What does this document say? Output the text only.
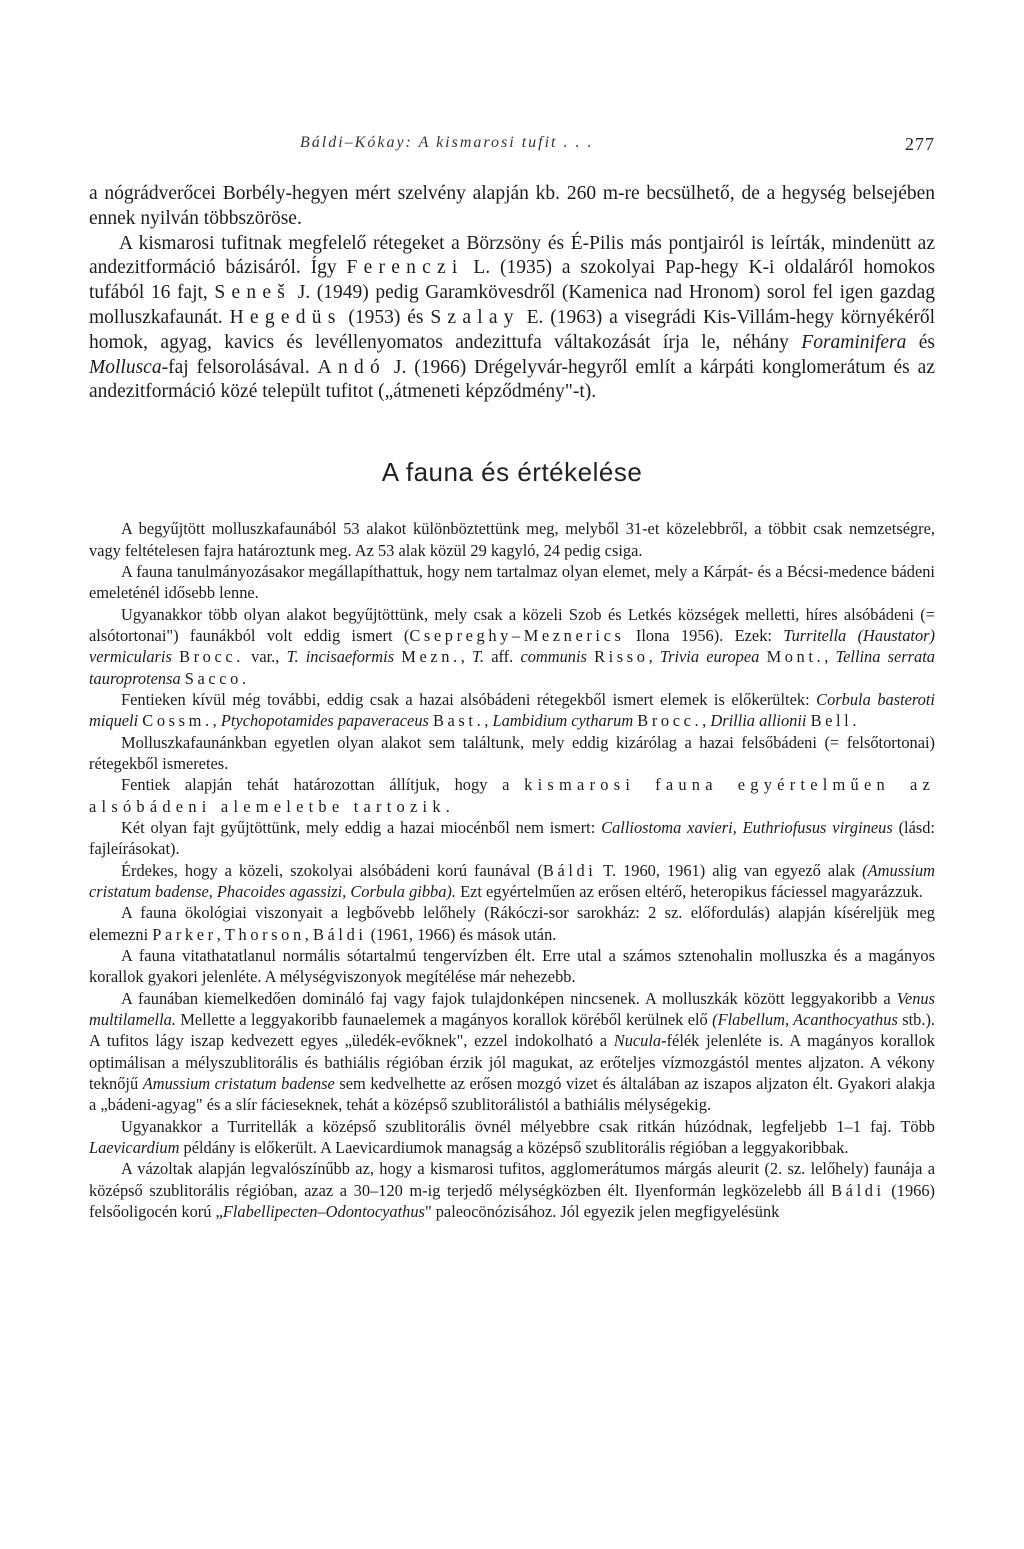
Báldi–Kókay: A kismarosi tufit . . .	277

a nógrádverőcei Borbély-hegyen mért szelvény alapján kb. 260 m-re becsülhető, de a hegység belsejében ennek nyilván többszöröse.
A kismarosi tufitnak megfelelő rétegeket a Börzsöny és É-Pilis más pontjairól is leírták, mindenütt az andezitformáció bázisáról. Így Ferenczi L. (1935) a szokolyai Pap-hegy K-i oldaláról homokos tufából 16 fajt, Seneš J. (1949) pedig Garamkövesdről (Kamenica nad Hronom) sorol fel igen gazdag molluszkafaunát. Hegedüs (1953) és Szalay E. (1963) a visegrádi Kis-Villám-hegy környékéről homok, agyag, kavics és levéllenyomatos andezittufa váltakozását írja le, néhány Foraminifera és Mollusca-faj felsorolásával. Andó J. (1966) Drégelyvár-hegyről említ a kárpáti konglomerátum és az andezitformáció közé települt tufitot („átmeneti képződmény"-t).

A fauna és értékelése

A begyűjtött molluszkafaunából 53 alakot különböztettünk meg, melyből 31-et közelebbről, a többit csak nemzetségre, vagy feltételesen fajra határoztunk meg. Az 53 alak közül 29 kagyló, 24 pedig csiga.

A fauna tanulmányozásakor megállapíthattuk, hogy nem tartalmaz olyan elemet, mely a Kárpát- és a Bécsi-medence bádeni emeleténél idősebb lenne.

Ugyanakkor több olyan alakot begyűjtöttünk, mely csak a közeli Szob és Letkés községek melletti, híres alsóbádeni (= alsótortonai") faunákból volt eddig ismert (Csepreghy–Meznerics Ilona 1956). Ezek: Turritella (Haustator) vermicularis Brocc. var., T. incisaeformis Mezn., T. aff. communis Risso, Trivia europea Mont., Tellina serrata tauroprotensa Sacco.

Fentieken kívül még további, eddig csak a hazai alsóbádeni rétegekből ismert elemek is előkerültek: Corbula basteroti miqueli Cossm., Ptychopotamides papaveraceus Bast., Lambidium cytharum Brocc., Drillia allionii Bell.

Molluszkafaunánkban egyetlen olyan alakot sem találtunk, mely eddig kizárólag a hazai felsőbádeni (= felsőtortonai) rétegekből ismeretes.

Fentiek alapján tehát határozottan állítjuk, hogy a kismarosi fauna egyértelműen az alsóbádeni alemeletbe tartozik.

Két olyan fajt gyűjtöttünk, mely eddig a hazai miocénből nem ismert: Calliostoma xavieri, Euthriofusus virgineus (lásd: fajleírásokat).

Érdekes, hogy a közeli, szokolyai alsóbádeni korú faunával (Báldi T. 1960, 1961) alig van egyező alak (Amussium cristatum badense, Phacoides agassizi, Corbula gibba). Ezt egyértelműen az erősen eltérő, heteropikus fáciessel magyarázzuk.

A fauna ökológiai viszonyait a legbővebb lelőhely (Rákóczi-sor sarokház: 2 sz. előfordulás) alapján kíséreljük meg elemezni Parker, Thorson, Báldi (1961, 1966) és mások után.

A fauna vitathatatlanul normális sótartalmú tengervízben élt. Erre utal a számos sztenohalin molluszka és a magányos korallok gyakori jelenléte. A mélységviszonyok megítélése már nehezebb.

A faunában kiemelkedően domináló faj vagy fajok tulajdonképen nincsenek. A molluszkák között leggyakoribb a Venus multilamella. Mellette a leggyakoribb faunaelemek a magányos korallok köréből kerülnek elő (Flabellum, Acanthocyathus stb.). A tufitos lágy iszap kedvezett egyes „üledék-evőknek", ezzel indokolható a Nucula-félék jelenléte is. A magányos korallok optimálisan a mélyszublitorális és bathiális régióban érzik jól magukat, az erőteljes vízmozgástól mentes aljzaton. A vékony teknőjű Amussium cristatum badense sem kedvelhette az erősen mozgó vizet és általában az iszapos aljzaton élt. Gyakori alakja a „bádeni-agyag" és a slír fácieseknek, tehát a középső szublitorálistól a bathiális mélységekig.

Ugyanakkor a Turritellák a középső szublitorális övnél mélyebbre csak ritkán húzódnak, legfeljebb 1–1 faj. Több Laevicardium példány is előkerült. A Laevicardiumok managság a középső szublitorális régióban a leggyakoribbak.

A vázoltak alapján legvalószínűbb az, hogy a kismarosi tufitos, agglomerátumos márgás aleurit (2. sz. lelőhely) faunája a középső szublitorális régióban, azaz a 30–120 m-ig terjedő mélységközben élt. Ilyenformán legközelebb áll Báldi (1966) felsőoligocén korú „Flabellipecten–Odontocyathus" paleocönózisához. Jól egyezik jelen megfigyelésünk
